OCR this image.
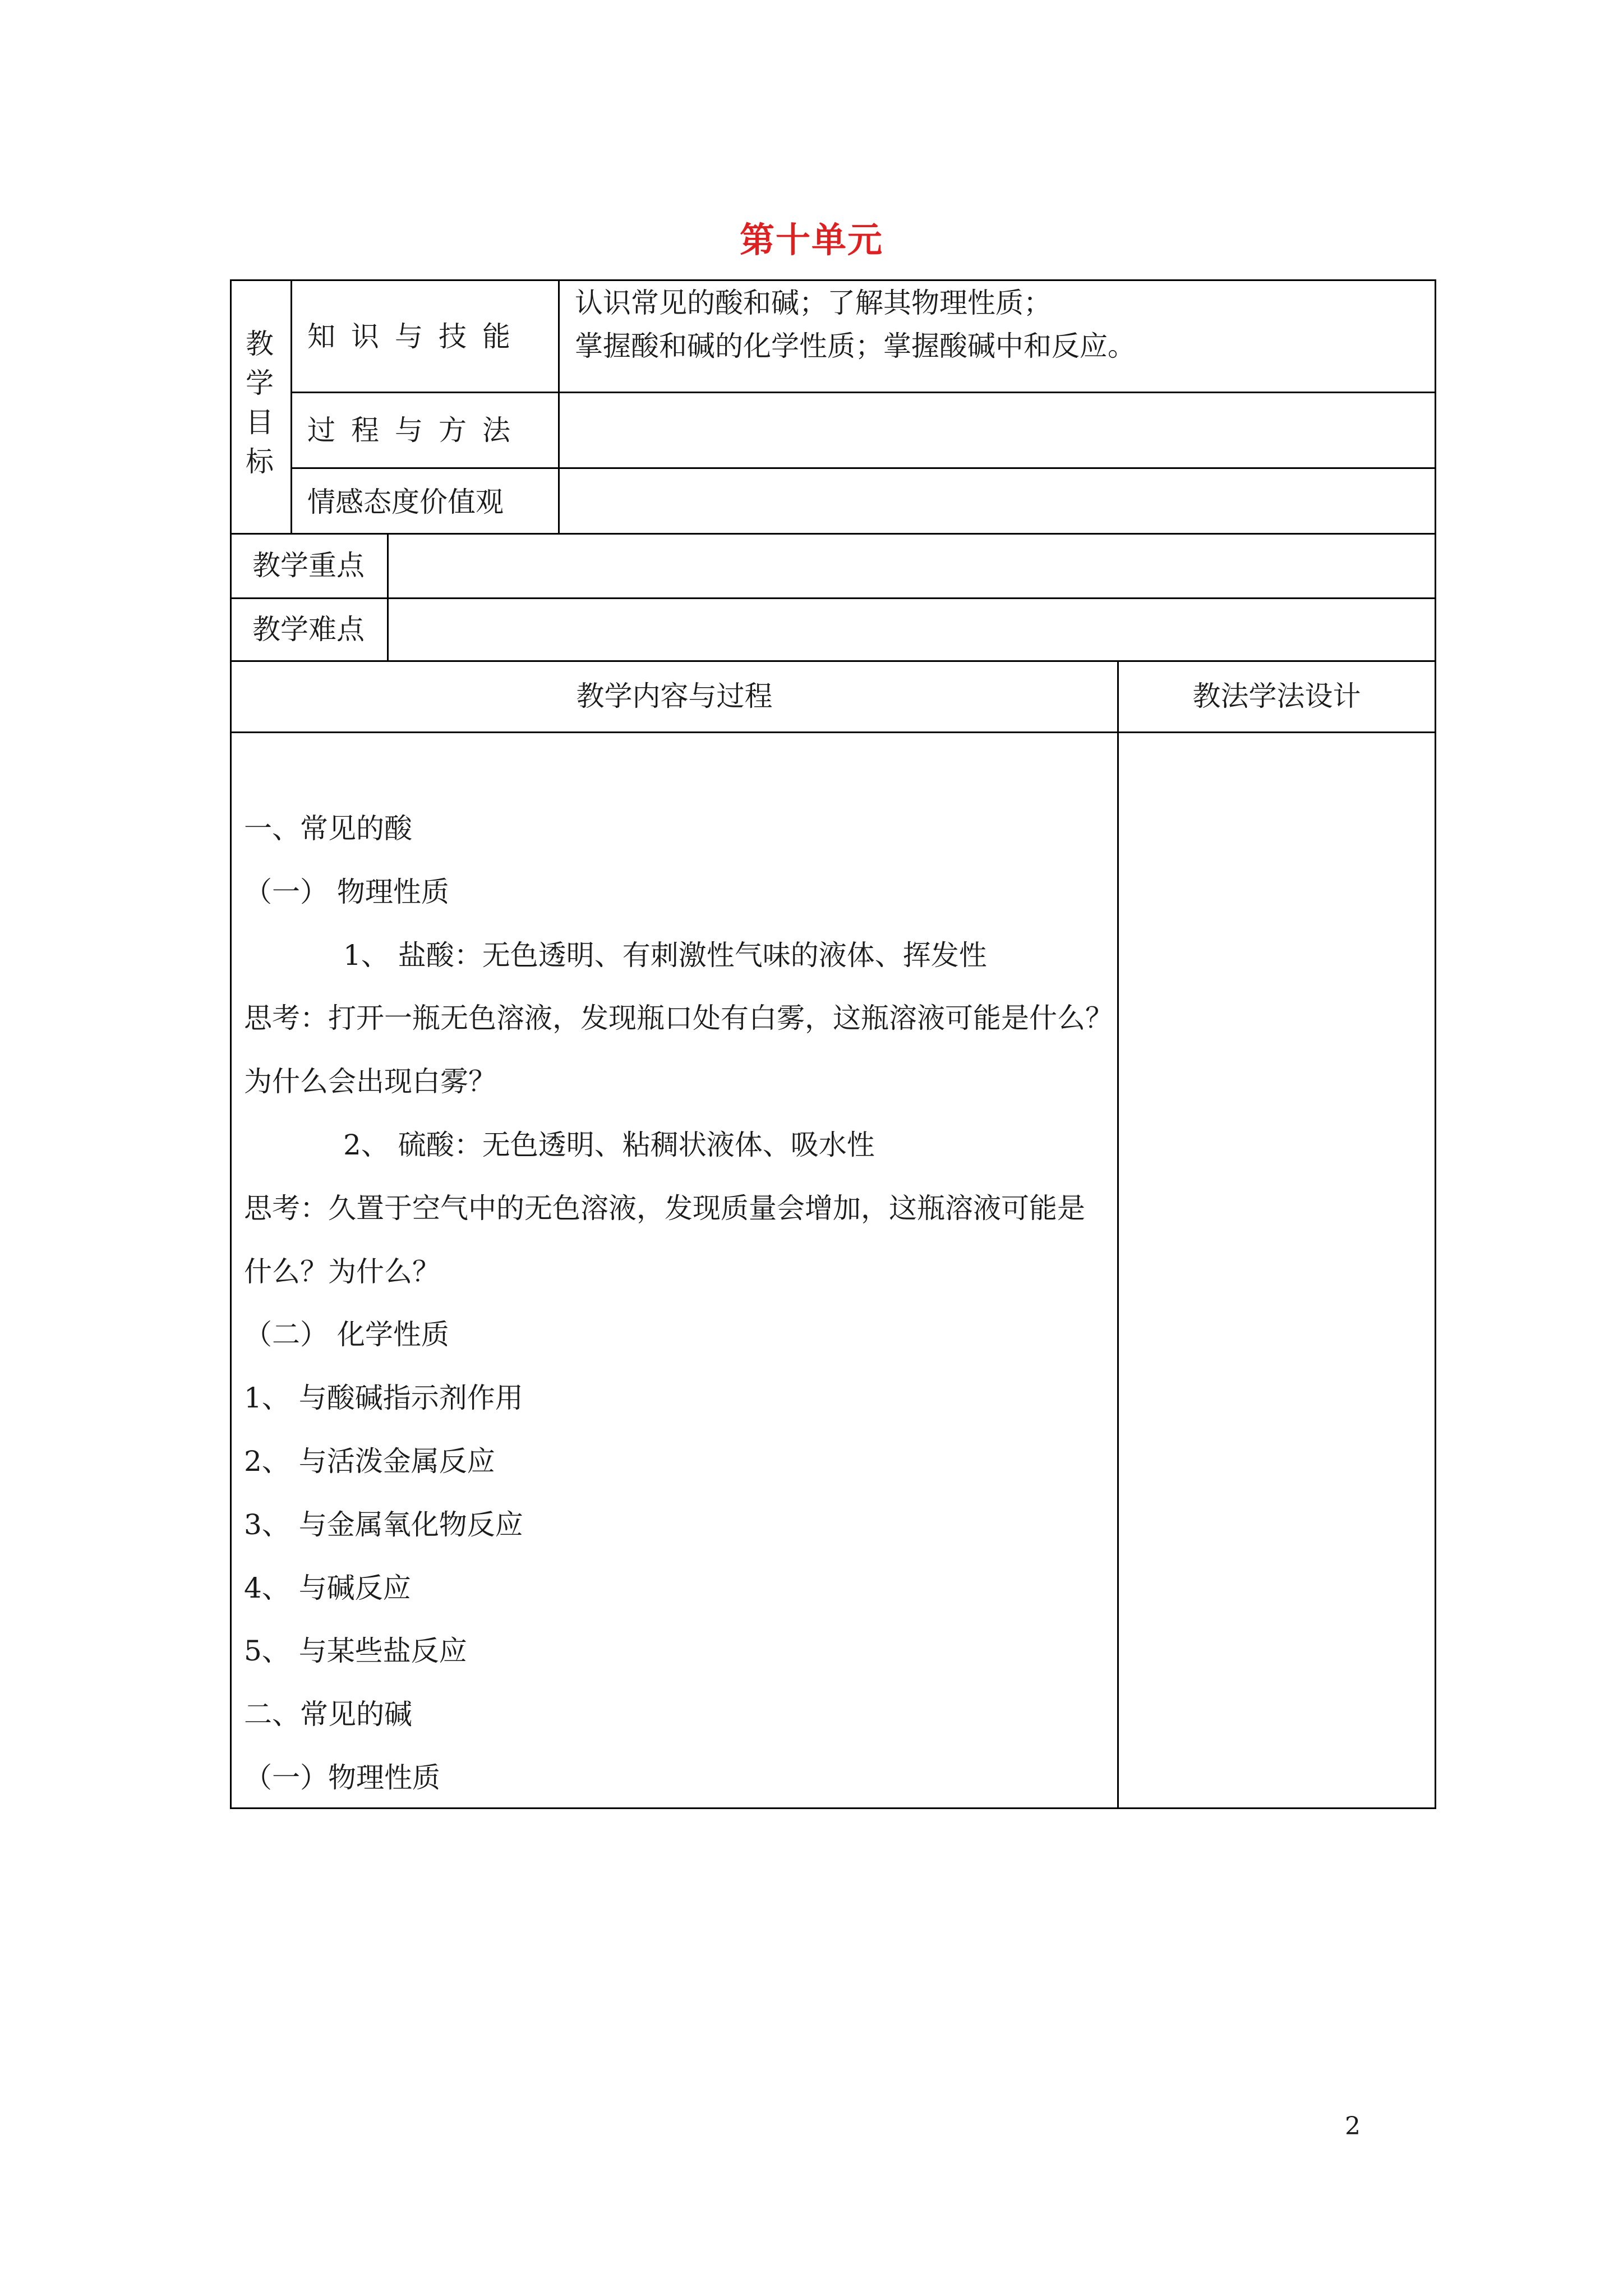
第十单元
教
学
目
标
知识与技能
过程与方法
情感态度价值观
认识常见的酸和碱；了解其物理性质；
掌握酸和碱的化学性质；掌握酸碱中和反应。
教学重点
教学难点
教学内容与过程	教法学法设计
一、常见的酸
（一） 物理性质
1、 盐酸：无色透明、有刺激性气味的液体、挥发性
思考：打开一瓶无色溶液，发现瓶口处有白雾，这瓶溶液可能是什么？
为什么会出现白雾？
2、 硫酸：无色透明、粘稠状液体、吸水性
思考：久置于空气中的无色溶液，发现质量会增加，这瓶溶液可能是
什么？为什么？
（二） 化学性质
1、 与酸碱指示剂作用
2、 与活泼金属反应
3、 与金属氧化物反应
4、 与碱反应
5、 与某些盐反应
二、常见的碱
（一）物理性质
2
